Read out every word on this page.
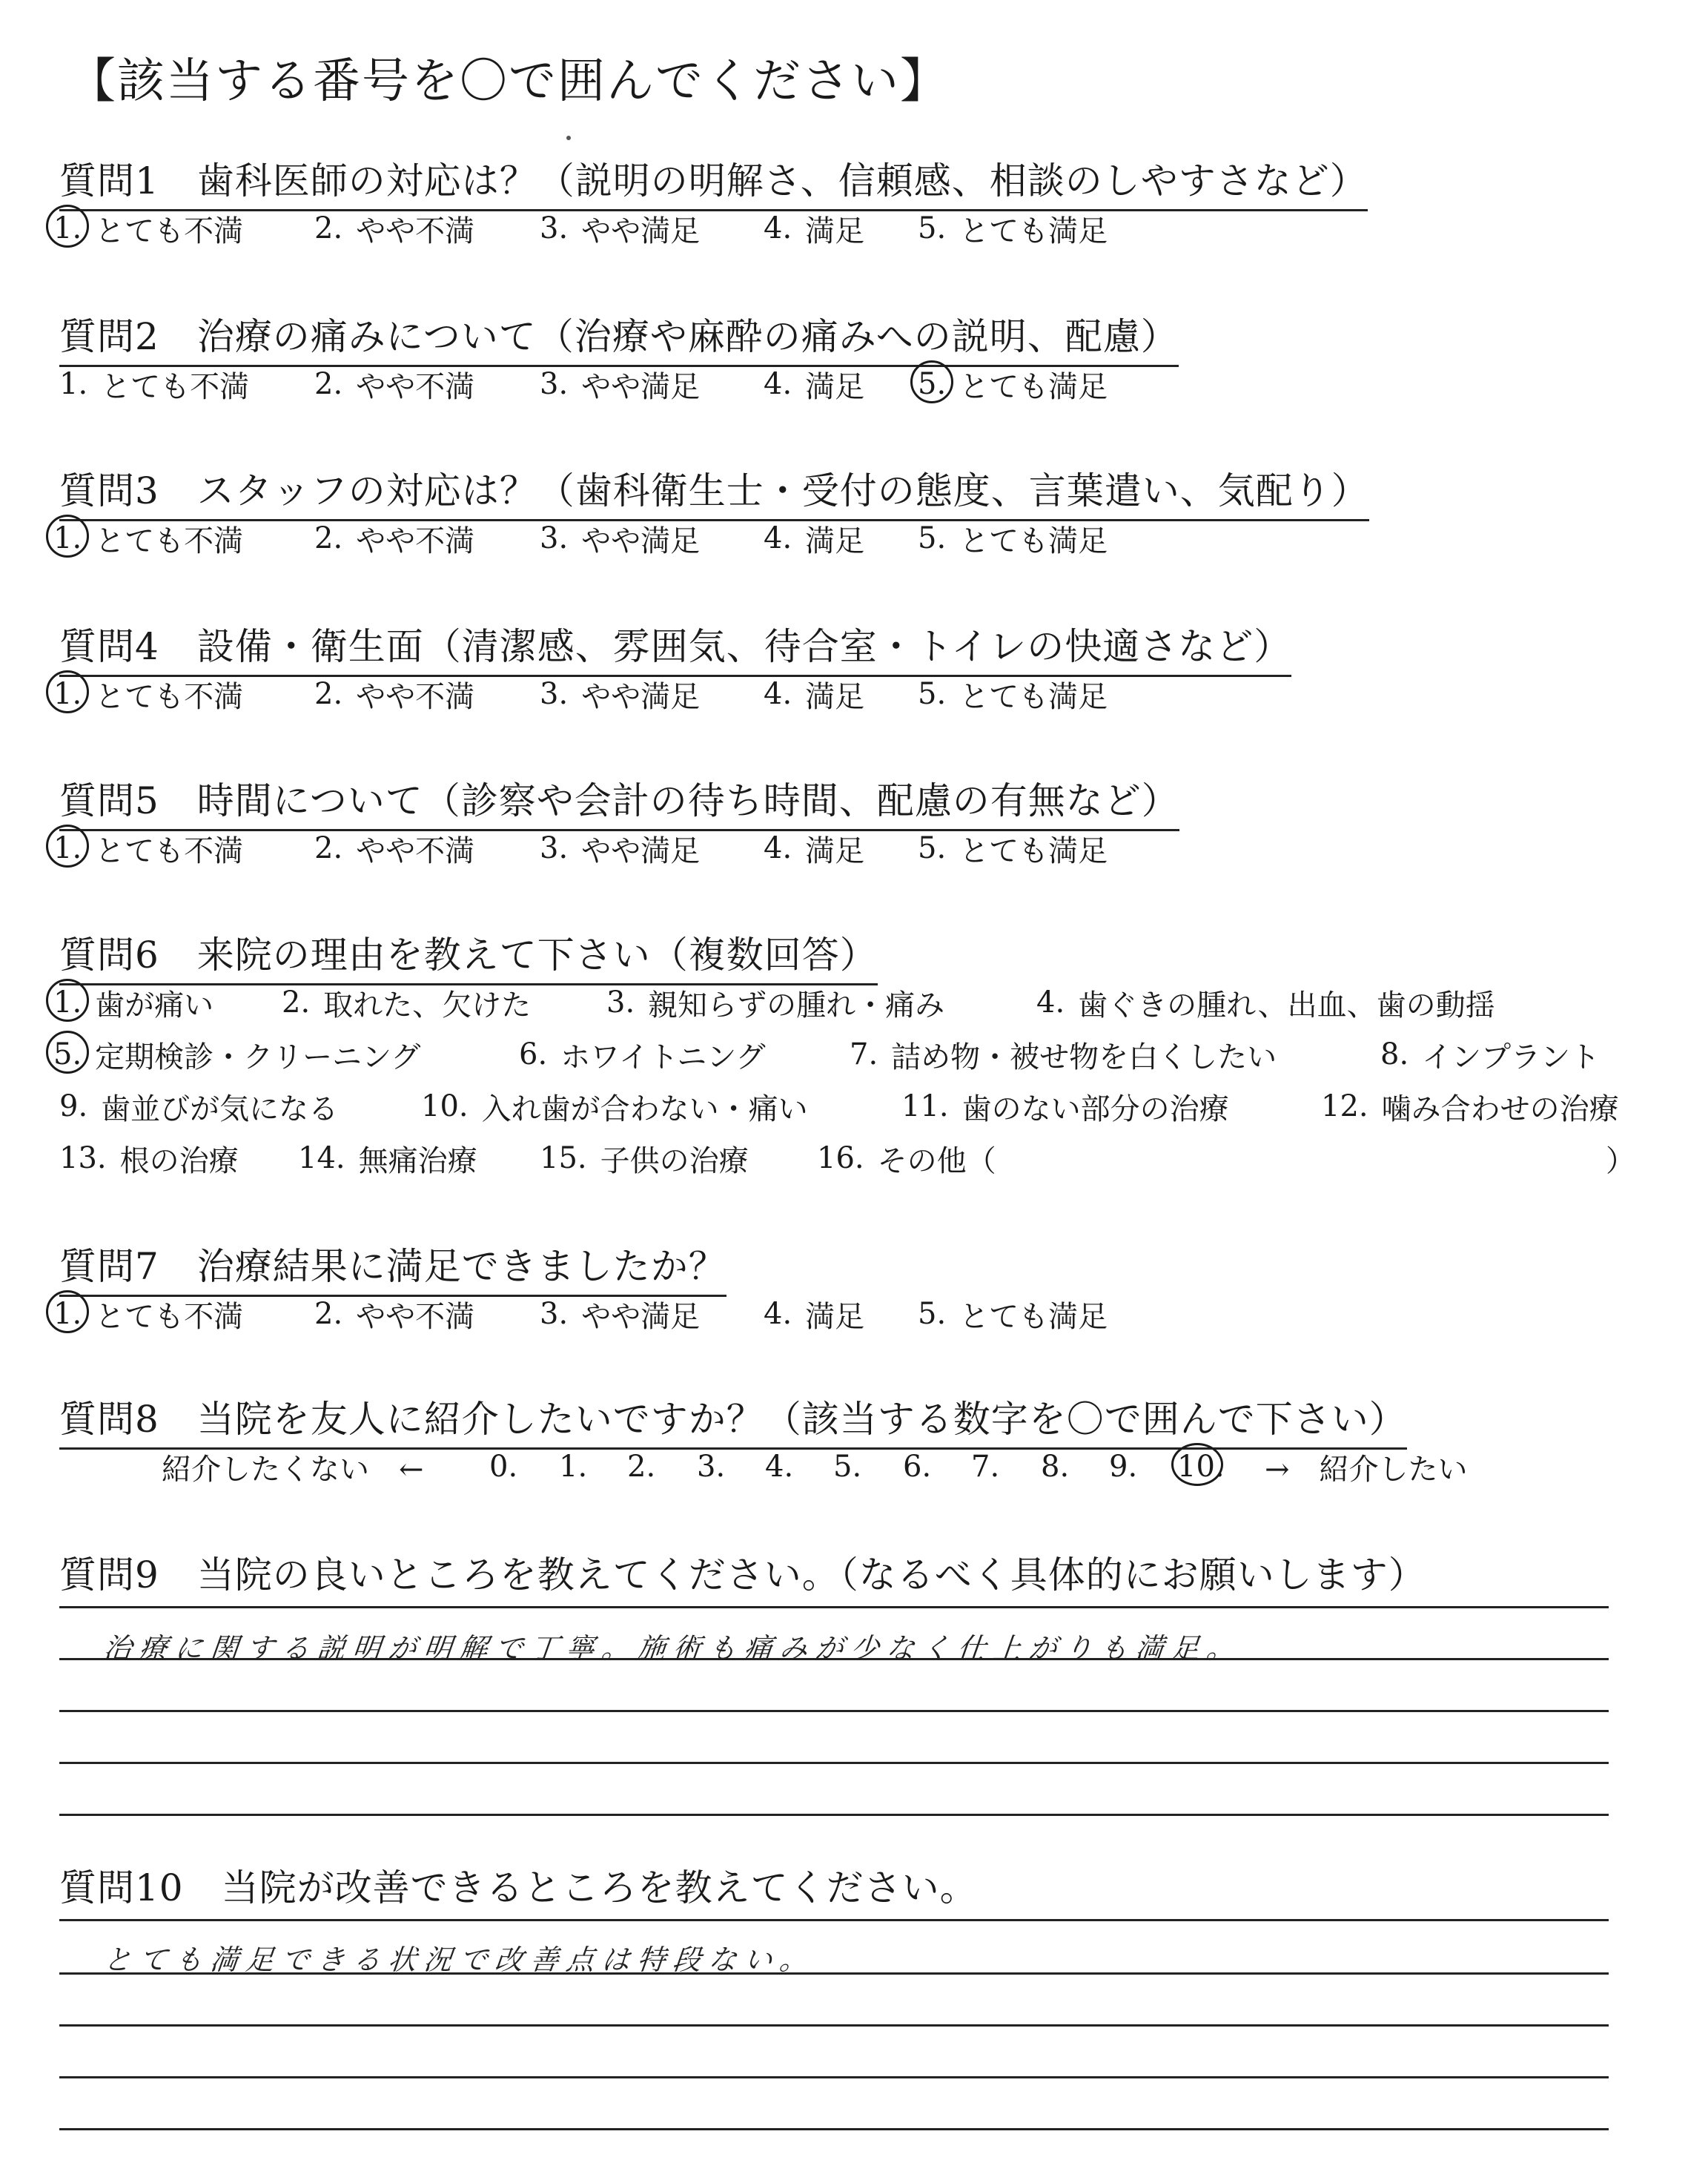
【該当する番号を〇で囲んでください】
質問1　歯科医師の対応は？（説明の明解さ、信頼感、相談のしやすさなど）
1. とても不満 2. やや不満 3. やや満足 4. 満足 5. とても満足
質問2　治療の痛みについて（治療や麻酔の痛みへの説明、配慮）
1. とても不満 2. やや不満 3. やや満足 4. 満足 5. とても満足
質問3　スタッフの対応は？（歯科衛生士・受付の態度、言葉遣い、気配り）
1. とても不満 2. やや不満 3. やや満足 4. 満足 5. とても満足
質問4　設備・衛生面（清潔感、雰囲気、待合室・トイレの快適さなど）
1. とても不満 2. やや不満 3. やや満足 4. 満足 5. とても満足
質問5　時間について（診察や会計の待ち時間、配慮の有無など）
1. とても不満 2. やや不満 3. やや満足 4. 満足 5. とても満足
質問6　来院の理由を教えて下さい（複数回答）
1. 歯が痛い 2. 取れた、欠けた	3. 親知らずの腫れ・痛み	4. 歯ぐきの腫れ、出血、歯の動揺
5. 定期検診・クリーニング	6. ホワイトニング	7. 詰め物・被せ物を白くしたい	8. インプラント
9. 歯並びが気になる	10. 入れ歯が合わない・痛い	11. 歯のない部分の治療	12. 噛み合わせの治療
13. 根の治療 14. 無痛治療 15. 子供の治療 16. その他（	）
質問7　治療結果に満足できましたか？
1. とても不満 2. やや不満 3. やや満足 4. 満足 5. とても満足
質問8　当院を友人に紹介したいですか？（該当する数字を〇で囲んで下さい）
紹介したくない　← 0. 1. 2. 3. 4. 5. 6. 7. 8. 9. 10. →　紹介したい
質問9　当院の良いところを教えてください。（なるべく具体的にお願いします）
治療に関する説明が明解で丁寧。施術も痛みが少なく仕上がりも満足。
質問10　当院が改善できるところを教えてください。
とても満足できる状況で改善点は特段ない。
